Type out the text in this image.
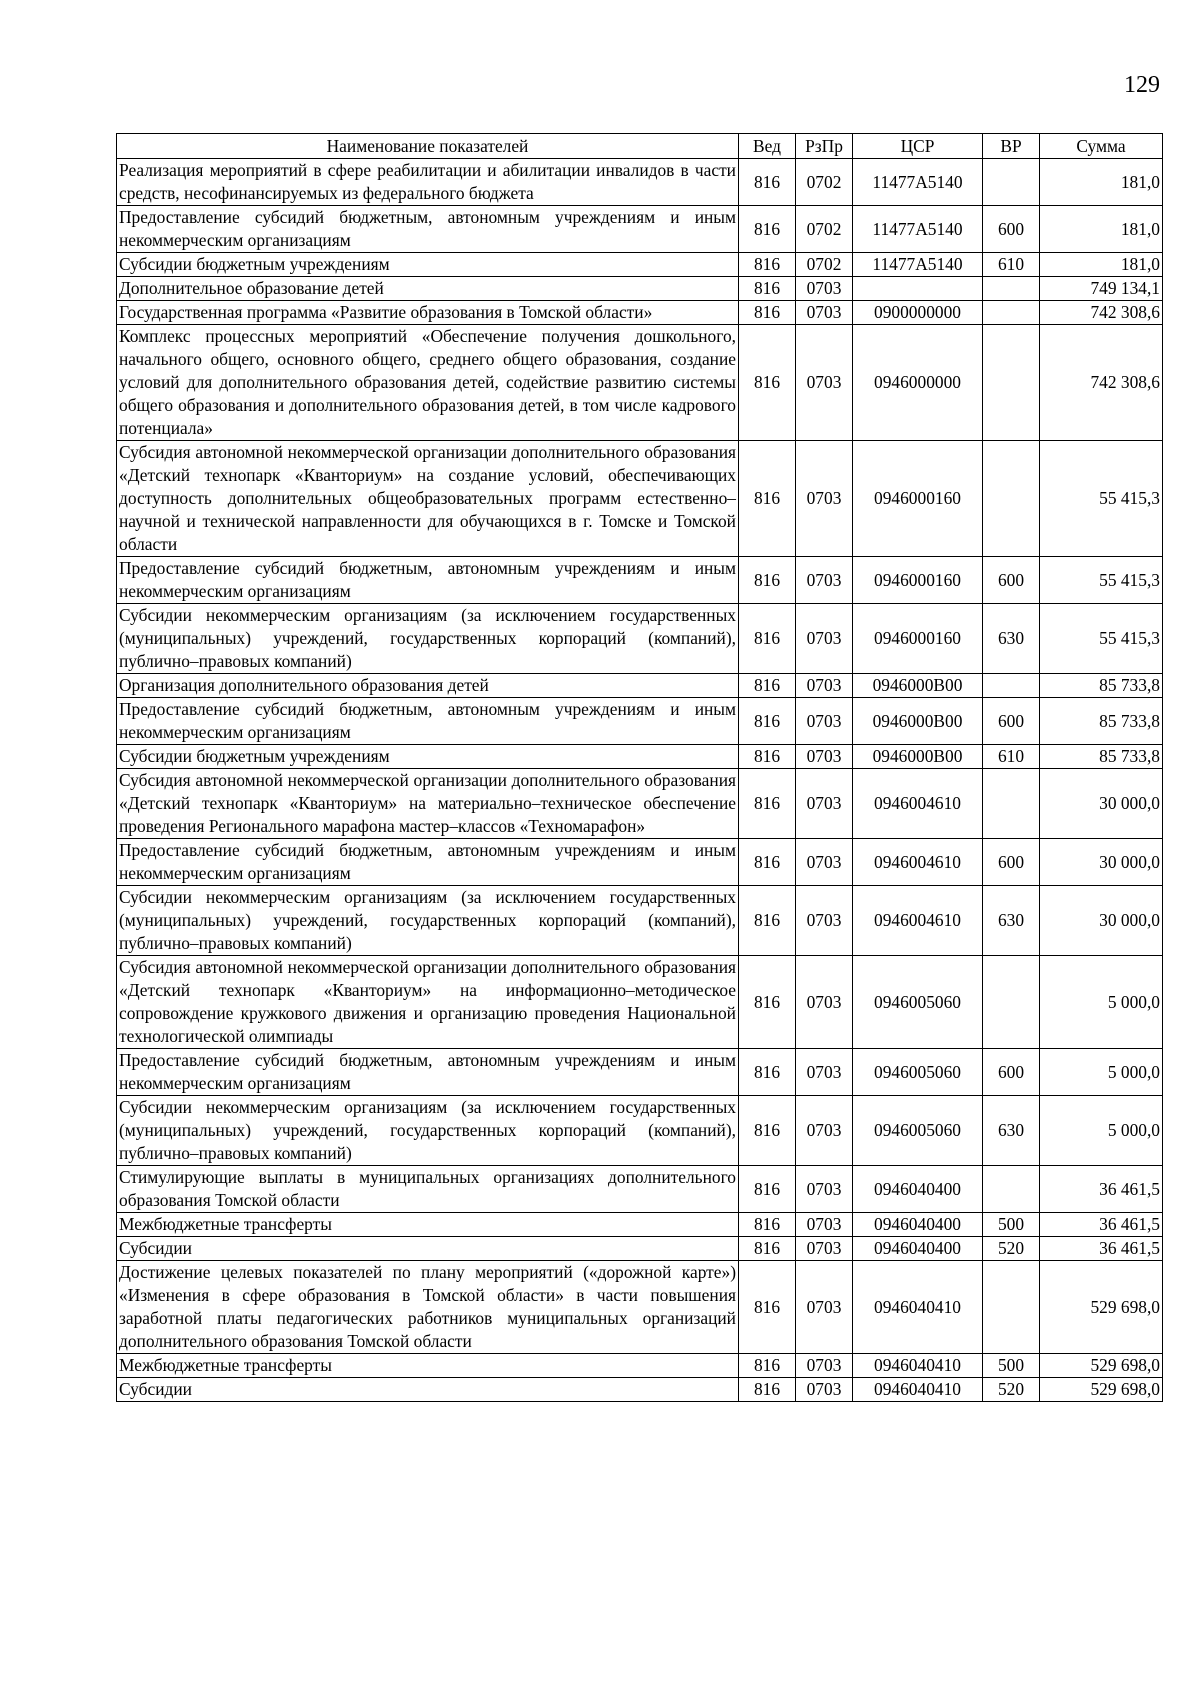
129
Наименование показателей	Вед	РзПр	ЦСР	ВР	Сумма
Реализация мероприятий в сфере реабилитации и абилитации инвалидов в части средств, несофинансируемых из федерального бюджета	816	0702	11477А5140		181,0
Предоставление субсидий бюджетным, автономным учреждениям и иным некоммерческим организациям	816	0702	11477А5140	600	181,0
Субсидии бюджетным учреждениям	816	0702	11477А5140	610	181,0
Дополнительное образование детей	816	0703			749 134,1
Государственная программа «Развитие образования в Томской области»	816	0703	0900000000		742 308,6
Комплекс процессных мероприятий «Обеспечение получения дошкольного, начального общего, основного общего, среднего общего образования, создание условий для дополнительного образования детей, содействие развитию системы общего образования и дополнительного образования детей, в том числе кадрового потенциала»	816	0703	0946000000		742 308,6
Субсидия автономной некоммерческой организации дополнительного образования «Детский технопарк «Кванториум» на создание условий, обеспечивающих доступность дополнительных общеобразовательных программ естественно–научной и технической направленности для обучающихся в г. Томске и Томской области	816	0703	0946000160		55 415,3
Предоставление субсидий бюджетным, автономным учреждениям и иным некоммерческим организациям	816	0703	0946000160	600	55 415,3
Субсидии некоммерческим организациям (за исключением государственных (муниципальных) учреждений, государственных корпораций (компаний), публично–правовых компаний)	816	0703	0946000160	630	55 415,3
Организация дополнительного образования детей	816	0703	0946000В00		85 733,8
Предоставление субсидий бюджетным, автономным учреждениям и иным некоммерческим организациям	816	0703	0946000В00	600	85 733,8
Субсидии бюджетным учреждениям	816	0703	0946000В00	610	85 733,8
Субсидия автономной некоммерческой организации дополнительного образования «Детский технопарк «Кванториум» на материально–техническое обеспечение проведения Регионального марафона мастер–классов «Техномарафон»	816	0703	0946004610		30 000,0
Предоставление субсидий бюджетным, автономным учреждениям и иным некоммерческим организациям	816	0703	0946004610	600	30 000,0
Субсидии некоммерческим организациям (за исключением государственных (муниципальных) учреждений, государственных корпораций (компаний), публично–правовых компаний)	816	0703	0946004610	630	30 000,0
Субсидия автономной некоммерческой организации дополнительного образования «Детский технопарк «Кванториум» на информационно–методическое сопровождение кружкового движения и организацию проведения Национальной технологической олимпиады	816	0703	0946005060		5 000,0
Предоставление субсидий бюджетным, автономным учреждениям и иным некоммерческим организациям	816	0703	0946005060	600	5 000,0
Субсидии некоммерческим организациям (за исключением государственных (муниципальных) учреждений, государственных корпораций (компаний), публично–правовых компаний)	816	0703	0946005060	630	5 000,0
Стимулирующие выплаты в муниципальных организациях дополнительного образования Томской области	816	0703	0946040400		36 461,5
Межбюджетные трансферты	816	0703	0946040400	500	36 461,5
Субсидии	816	0703	0946040400	520	36 461,5
Достижение целевых показателей по плану мероприятий («дорожной карте») «Изменения в сфере образования в Томской области» в части повышения заработной платы педагогических работников муниципальных организаций дополнительного образования Томской области	816	0703	0946040410		529 698,0
Межбюджетные трансферты	816	0703	0946040410	500	529 698,0
Субсидии	816	0703	0946040410	520	529 698,0
